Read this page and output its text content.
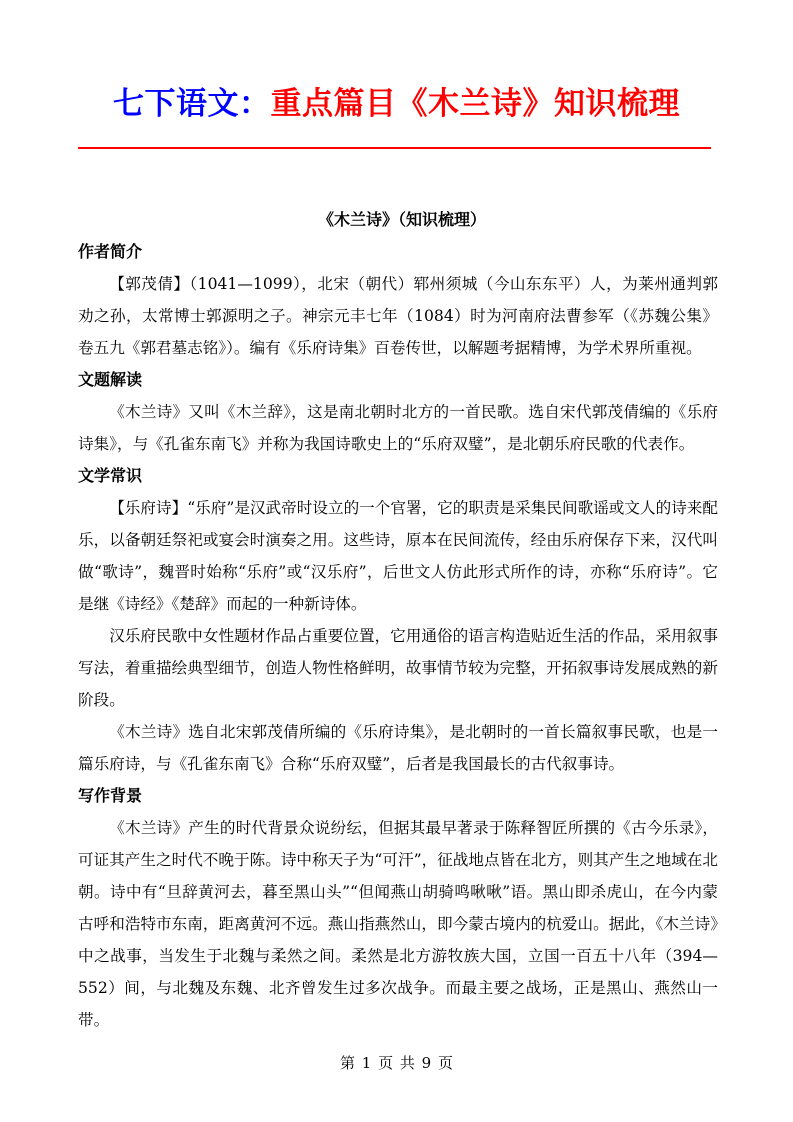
七下语文：重点篇目《木兰诗》知识梳理

《木兰诗》（知识梳理）

作者简介

【郭茂倩】（1041—1099），北宋（朝代）郓州须城（今山东东平）人，为莱州通判郭劝之孙，太常博士郭源明之子。神宗元丰七年（1084）时为河南府法曹参军（《苏魏公集》卷五九《郭君墓志铭》）。编有《乐府诗集》百卷传世，以解题考据精博，为学术界所重视。

文题解读

《木兰诗》又叫《木兰辞》，这是南北朝时北方的一首民歌。选自宋代郭茂倩编的《乐府诗集》，与《孔雀东南飞》并称为我国诗歌史上的“乐府双璧”，是北朝乐府民歌的代表作。

文学常识

【乐府诗】“乐府”是汉武帝时设立的一个官署，它的职责是采集民间歌谣或文人的诗来配乐，以备朝廷祭祀或宴会时演奏之用。这些诗，原本在民间流传，经由乐府保存下来，汉代叫做“歌诗”，魏晋时始称“乐府”或“汉乐府”，后世文人仿此形式所作的诗，亦称“乐府诗”。它是继《诗经》《楚辞》而起的一种新诗体。

汉乐府民歌中女性题材作品占重要位置，它用通俗的语言构造贴近生活的作品，采用叙事写法，着重描绘典型细节，创造人物性格鲜明，故事情节较为完整，开拓叙事诗发展成熟的新阶段。

《木兰诗》选自北宋郭茂倩所编的《乐府诗集》，是北朝时的一首长篇叙事民歌，也是一篇乐府诗，与《孔雀东南飞》合称“乐府双璧”，后者是我国最长的古代叙事诗。

写作背景

《木兰诗》产生的时代背景众说纷纭，但据其最早著录于陈释智匠所撰的《古今乐录》，可证其产生之时代不晚于陈。诗中称天子为“可汗”，征战地点皆在北方，则其产生之地域在北朝。诗中有“旦辞黄河去，暮至黑山头”“但闻燕山胡骑鸣啾啾”语。黑山即杀虎山，在今内蒙古呼和浩特市东南，距离黄河不远。燕山指燕然山，即今蒙古境内的杭爱山。据此，《木兰诗》中之战事，当发生于北魏与柔然之间。柔然是北方游牧族大国，立国一百五十八年（394—552）间，与北魏及东魏、北齐曾发生过多次战争。而最主要之战场，正是黑山、燕然山一带。

第 1 页 共 9 页
